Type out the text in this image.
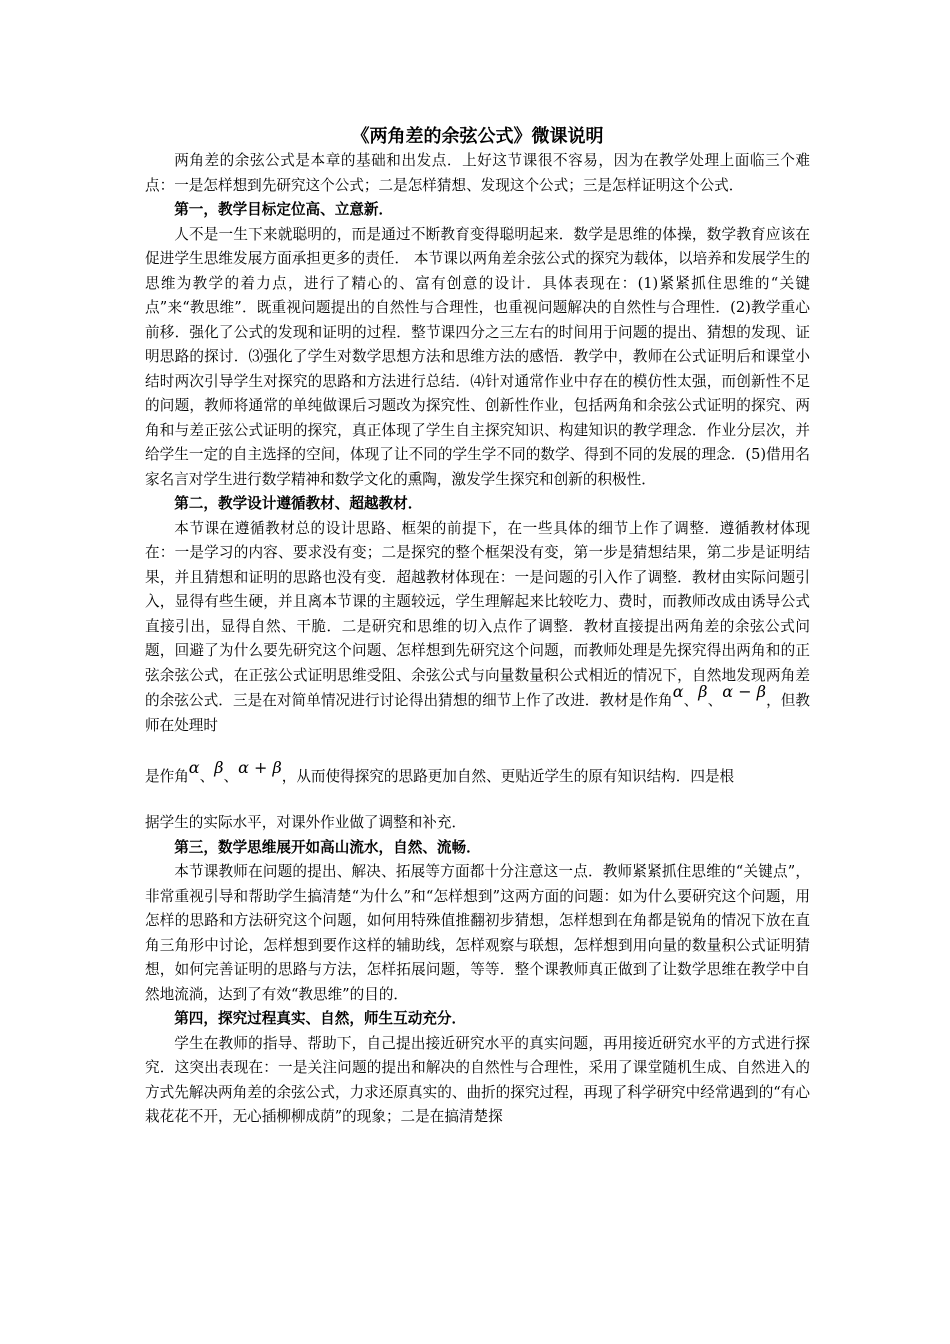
《两角差的余弦公式》微课说明

两角差的余弦公式是本章的基础和出发点．上好这节课很不容易，因为在教学处理上面临三个难点：一是怎样想到先研究这个公式；二是怎样猜想、发现这个公式；三是怎样证明这个公式．

第一，教学目标定位高、立意新．

人不是一生下来就聪明的，而是通过不断教育变得聪明起来．数学是思维的体操，数学教育应该在促进学生思维发展方面承担更多的责任． 本节课以两角差余弦公式的探究为载体，以培养和发展学生的思维为教学的着力点，进行了精心的、富有创意的设计．具体表现在：(1)紧紧抓住思维的“关键点”来“教思维”．既重视问题提出的自然性与合理性，也重视问题解决的自然性与合理性．(2)教学重心前移．强化了公式的发现和证明的过程．整节课四分之三左右的时间用于问题的提出、猜想的发现、证明思路的探讨．⑶强化了学生对数学思想方法和思维方法的感悟．教学中，教师在公式证明后和课堂小结时两次引导学生对探究的思路和方法进行总结．⑷针对通常作业中存在的模仿性太强，而创新性不足的问题，教师将通常的单纯做课后习题改为探究性、创新性作业，包括两角和余弦公式证明的探究、两角和与差正弦公式证明的探究，真正体现了学生自主探究知识、构建知识的教学理念．作业分层次，并给学生一定的自主选择的空间，体现了让不同的学生学不同的数学、得到不同的发展的理念．(5)借用名家名言对学生进行数学精神和数学文化的熏陶，激发学生探究和创新的积极性．

第二，教学设计遵循教材、超越教材．

本节课在遵循教材总的设计思路、框架的前提下，在一些具体的细节上作了调整．遵循教材体现在：一是学习的内容、要求没有变；二是探究的整个框架没有变，第一步是猜想结果，第二步是证明结果，并且猜想和证明的思路也没有变．超越教材体现在：一是问题的引入作了调整．教材由实际问题引入，显得有些生硬，并且离本节课的主题较远，学生理解起来比较吃力、费时，而教师改成由诱导公式直接引出，显得自然、干脆．二是研究和思维的切入点作了调整．教材直接提出两角差的余弦公式问题，回避了为什么要先研究这个问题、怎样想到先研究这个问题，而教师处理是先探究得出两角和的正弦余弦公式，在正弦公式证明思维受阻、余弦公式与向量数量积公式相近的情况下，自然地发现两角差的余弦公式．三是在对简单情况进行讨论得出猜想的细节上作了改进．教材是作角α、β、α − β，但教师在处理时

是作角α、β、α + β，从而使得探究的思路更加自然、更贴近学生的原有知识结构．四是根

据学生的实际水平，对课外作业做了调整和补充．

第三，数学思维展开如高山流水，自然、流畅．

本节课教师在问题的提出、解决、拓展等方面都十分注意这一点．教师紧紧抓住思维的“关键点”，非常重视引导和帮助学生搞清楚“为什么”和“怎样想到”这两方面的问题：如为什么要研究这个问题，用怎样的思路和方法研究这个问题，如何用特殊值推翻初步猜想，怎样想到在角都是锐角的情况下放在直角三角形中讨论，怎样想到要作这样的辅助线，怎样观察与联想，怎样想到用向量的数量积公式证明猜想，如何完善证明的思路与方法，怎样拓展问题，等等．整个课教师真正做到了让数学思维在教学中自然地流淌，达到了有效“教思维”的目的．

第四，探究过程真实、自然，师生互动充分．

学生在教师的指导、帮助下，自己提出接近研究水平的真实问题，再用接近研究水平的方式进行探究．这突出表现在：一是关注问题的提出和解决的自然性与合理性，采用了课堂随机生成、自然进入的方式先解决两角差的余弦公式，力求还原真实的、曲折的探究过程，再现了科学研究中经常遇到的“有心栽花花不开，无心插柳柳成荫”的现象；二是在搞清楚探
